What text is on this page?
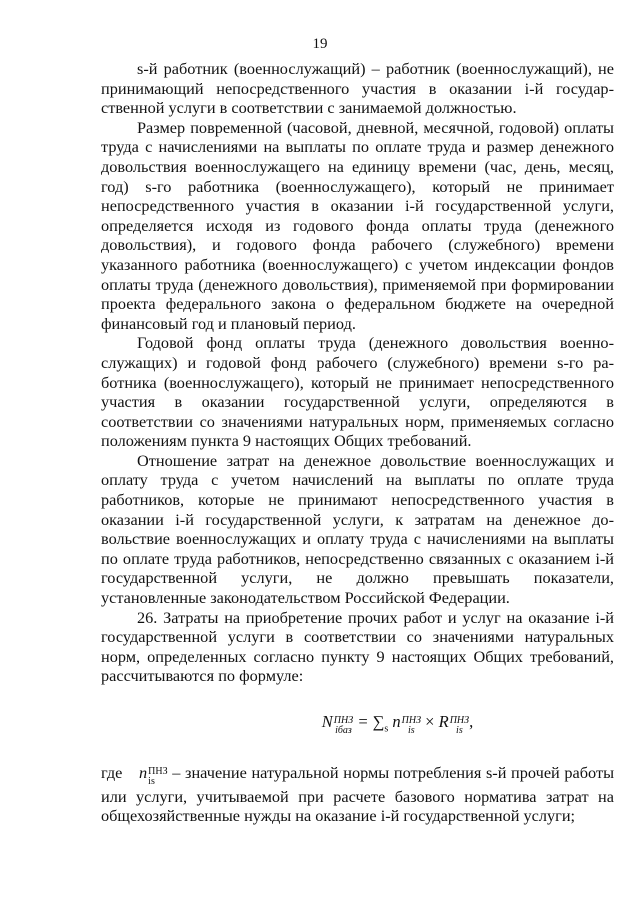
19

s-й работник (военнослужащий) – работник (военнослужащий), не принимающий непосредственного участия в оказании i-й государственной услуги в соответствии с занимаемой должностью.

Размер повременной (часовой, дневной, месячной, годовой) оплаты труда с начислениями на выплаты по оплате труда и размер денежного довольствия военнослужащего на единицу времени (час, день, месяц, год) s-го работника (военнослужащего), который не принимает непосредственного участия в оказании i-й государственной услуги, определяется исходя из годового фонда оплаты труда (денежного довольствия), и годового фонда рабочего (служебного) времени указанного работника (военнослужащего) с учетом индексации фондов оплаты труда (денежного довольствия), применяемой при формировании проекта федерального закона о федеральном бюджете на очередной финансовый год и плановый период.

Годовой фонд оплаты труда (денежного довольствия военнослужащих) и годовой фонд рабочего (служебного) времени s-го работника (военнослужащего), который не принимает непосредственного участия в оказании государственной услуги, определяются в соответствии со значениями натуральных норм, применяемых согласно положениям пункта 9 настоящих Общих требований.

Отношение затрат на денежное довольствие военнослужащих и оплату труда с учетом начислений на выплаты по оплате труда работников, которые не принимают непосредственного участия в оказании i-й государственной услуги, к затратам на денежное довольствие военнослужащих и оплату труда с начислениями на выплаты по оплате труда работников, непосредственно связанных с оказанием i-й государственной услуги, не должно превышать показатели, установленные законодательством Российской Федерации.

26. Затраты на приобретение прочих работ и услуг на оказание i-й государственной услуги в соответствии со значениями натуральных норм, определенных согласно пункту 9 настоящих Общих требований, рассчитываются по формуле:

N ПНЗ
iбаз = $\sum_s$ n ПНЗ
is × R ПНЗ
is ,

где n ПНЗ
is	– значение натуральной нормы потребления s-й прочей работы или услуги, учитываемой при расчете базового норматива затрат на общехозяйственные нужды на оказание i-й государственной услуги;
